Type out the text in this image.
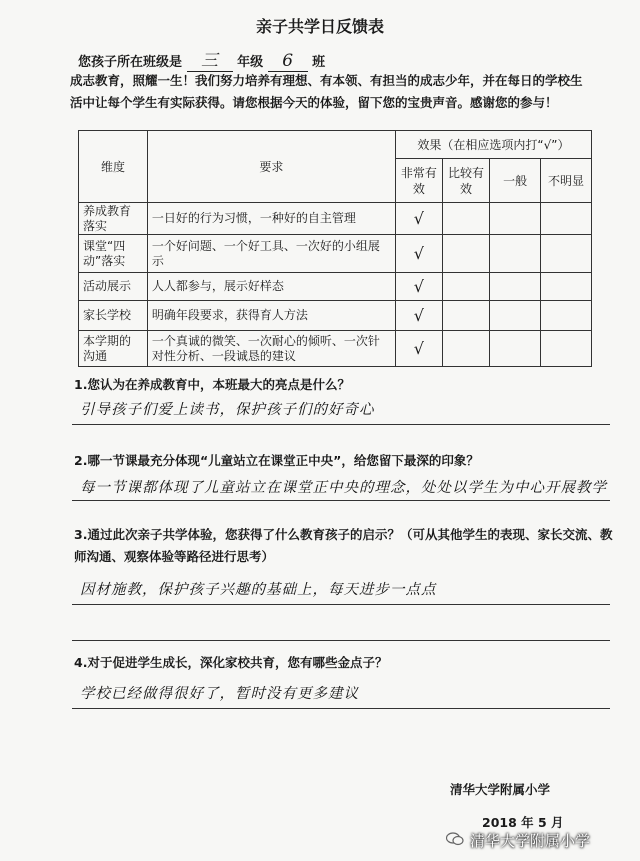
亲子共学日反馈表
您孩子所在班级是 三 年级 6 班
成志教育，照耀一生！我们努力培养有理想、有本领、有担当的成志少年，并在每日的学校生活中让每个学生有实际获得。请您根据今天的体验，留下您的宝贵声音。感谢您的参与！
维度	要求	效果（在相应选项内打“√”）			
		非常有效	比较有效	一般	不明显
养成教育落实	一日好的行为习惯，一种好的自主管理	√			
课堂“四动”落实	一个好问题、一个好工具、一次好的小组展示	√			
活动展示	人人都参与，展示好样态	√			
家长学校	明确年段要求，获得育人方法	√			
本学期的沟通	一个真诚的微笑、一次耐心的倾听、一次针对性分析、一段诚恳的建议	√			
1.您认为在养成教育中，本班最大的亮点是什么？
引导孩子们爱上读书，保护孩子们的好奇心
2.哪一节课最充分体现“儿童站立在课堂正中央”，给您留下最深的印象？
每一节课都体现了儿童站立在课堂正中央的理念，处处以学生为中心开展教学
3.通过此次亲子共学体验，您获得了什么教育孩子的启示？（可从其他学生的表现、家长交流、教师沟通、观察体验等路径进行思考）
因材施教，保护孩子兴趣的基础上，每天进步一点点
4.对于促进学生成长，深化家校共育，您有哪些金点子？
学校已经做得很好了，暂时没有更多建议
清华大学附属小学
2018 年 5 月
清华大学附属小学
